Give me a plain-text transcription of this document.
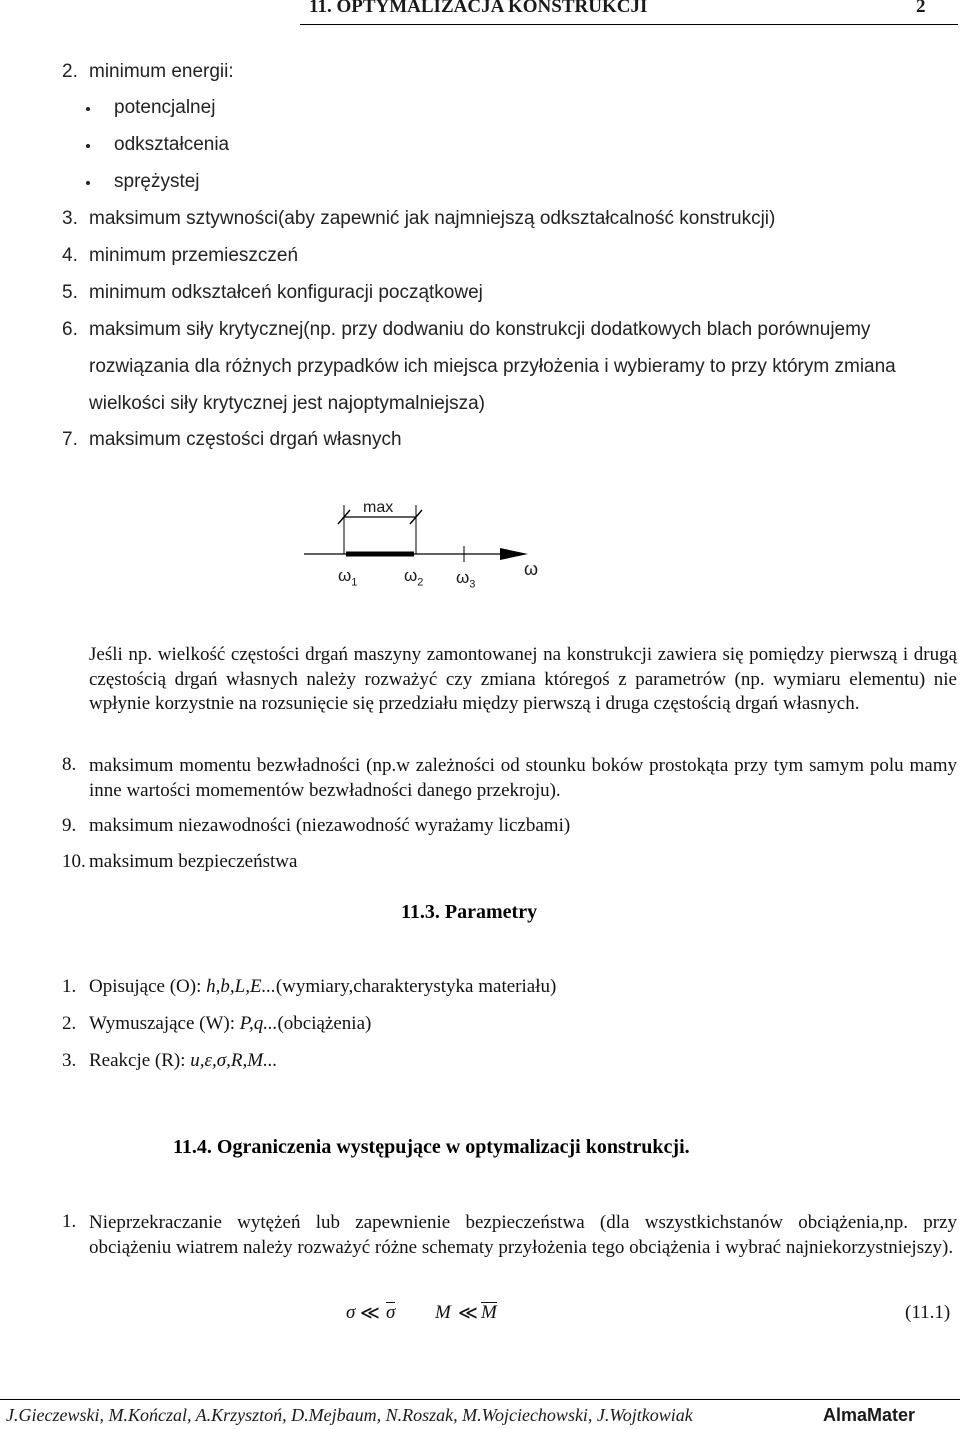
11. OPTYMALIZACJA KONSTRUKCJI	2
2. minimum energii:
potencjalnej
odkształcenia
sprężystej
3. maksimum sztywności(aby zapewnić jak najmniejszą odkształcalność konstrukcji)
4. minimum przemieszczeń
5. minimum odkształceń konfiguracji początkowej
6. maksimum siły krytycznej(np. przy dodwaniu do konstrukcji dodatkowych blach porównujemy
rozwiązania dla różnych przypadków ich miejsca przyłożenia i wybieramy to przy którym zmiana
wielkości siły krytycznej jest najoptymalniejsza)
7. maksimum częstości drgań własnych
max
$\omega_1$	$\omega_2$ $\omega_3$
ω
Jeśli np. wielkość częstości drgań maszyny zamontowanej na konstrukcji zawiera się pomiędzy pierwszą i drugą częstością drgań własnych należy rozważyć czy zmiana któregoś z parametrów (np. wymiaru elementu) nie wpłynie korzystnie na rozsunięcie się przedziału między pierwszą i druga częstością drgań własnych.
8. maksimum momentu bezwładności (np.w zależności od stounku boków prostokąta przy tym samym polu mamy inne wartości momementów bezwładności danego przekroju).
9. maksimum niezawodności (niezawodność wyrażamy liczbami)
10. maksimum bezpieczeństwa
11.3. Parametry
1. Opisujące (O): h,b,L,E...(wymiary,charakterystyka materiału)
2. Wymuszające (W): P,q...(obciążenia)
3. Reakcje (R): u,ε,σ,R,M...
11.4. Ograniczenia występujące w optymalizacji konstrukcji.
1. Nieprzekraczanie wytężeń lub zapewnienie bezpieczeństwa (dla wszystkichstanów obciążenia,np. przy obciążeniu wiatrem należy rozważyć różne schematy przyłożenia tego obciążenia i wybrać najniekorzystniejszy).
σ ≪ σ M ≪ M	(11.1)
J.Gieczewski, M.Kończal, A.Krzysztoń, D.Mejbaum, N.Roszak, M.Wojciechowski, J.Wojtkowiak	AlmaMater
